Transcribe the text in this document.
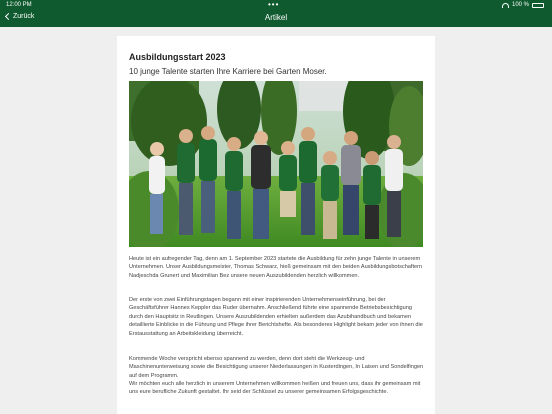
12:00 PM	•••	100 %
Zurück	Artikel
Ausbildungsstart 2023
10 junge Talente starten Ihre Karriere bei Garten Moser.

Heute ist ein aufregender Tag, denn am 1. September 2023 startete die Ausbildung für zehn junge Talente in unserem Unternehmen. Unser Ausbildungsmeister, Thomas Schwarz, hieß gemeinsam mit den beiden Ausbildungsbotschaftern Nadjeschda Grunert und Maximilian Bez unsere neuen Auszubildenden herzlich willkommen.

Der erste von zwei Einführungstagen begann mit einer inspirierenden Unternehmenseinführung, bei der Geschäftsführer Hannes Keppler das Ruder übernahm. Anschließend führte eine spannende Betriebsbesichtigung durch den Hauptsitz in Reutlingen. Unsere Auszubildenden erhielten außerdem das Azubihandbuch und bekamen detaillierte Einblicke in die Führung und Pflege ihrer Berichtshefte. Als besonderes Highlight bekam jeder von ihnen die Erstausstattung an Arbeitskleidung überreicht.

Kommende Woche verspricht ebenso spannend zu werden, denn dort steht die Werkzeug- und Maschinenunterweisung sowie die Besichtigung unserer Niederlassungen in Kusterdingen, In Laisen und Sondelfingen auf dem Programm.

Wir möchten euch alle herzlich in unserem Unternehmen willkommen heißen und freuen uns, dass ihr gemeinsam mit uns eure berufliche Zukunft gestaltet. Ihr seid der Schlüssel zu unserer gemeinsamen Erfolgsgeschichte.
